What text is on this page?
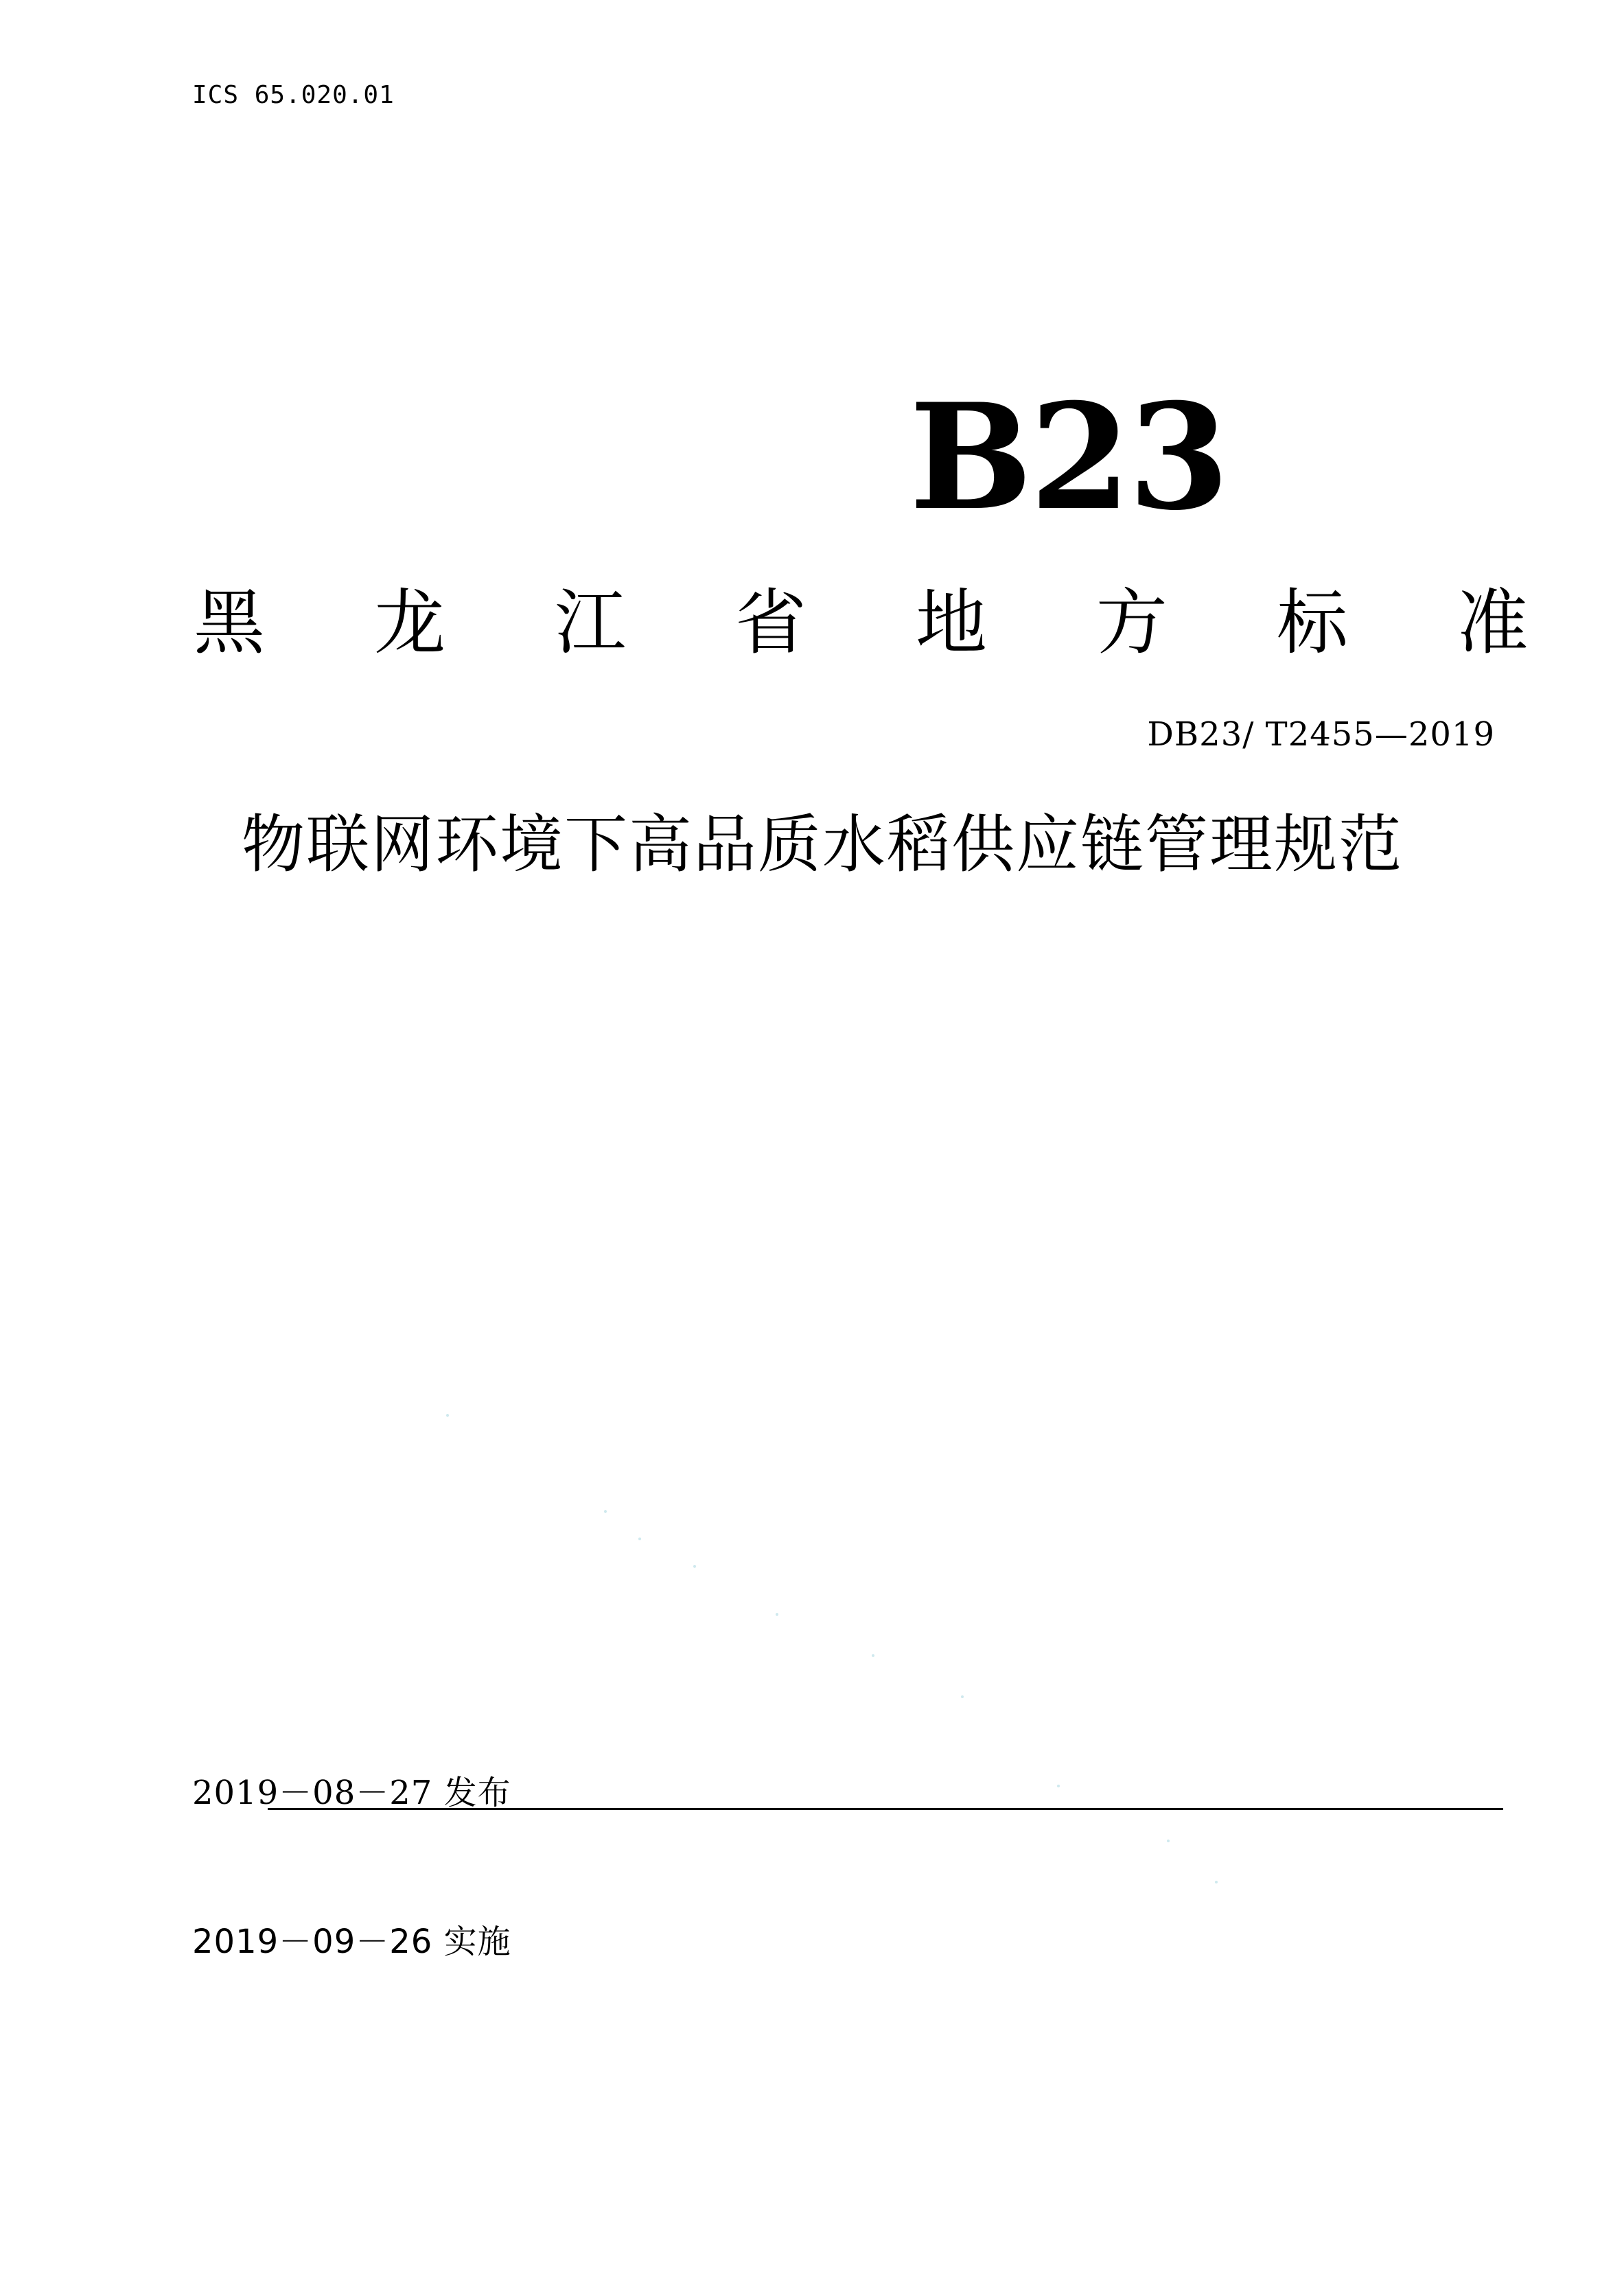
ICS 65.020.01
B23
黑 龙 江 省 地 方 标 准
DB23/ T2455—2019
物联网环境下高品质水稻供应链管理规范
2019－08－27 发布
2019－09－26 实施
